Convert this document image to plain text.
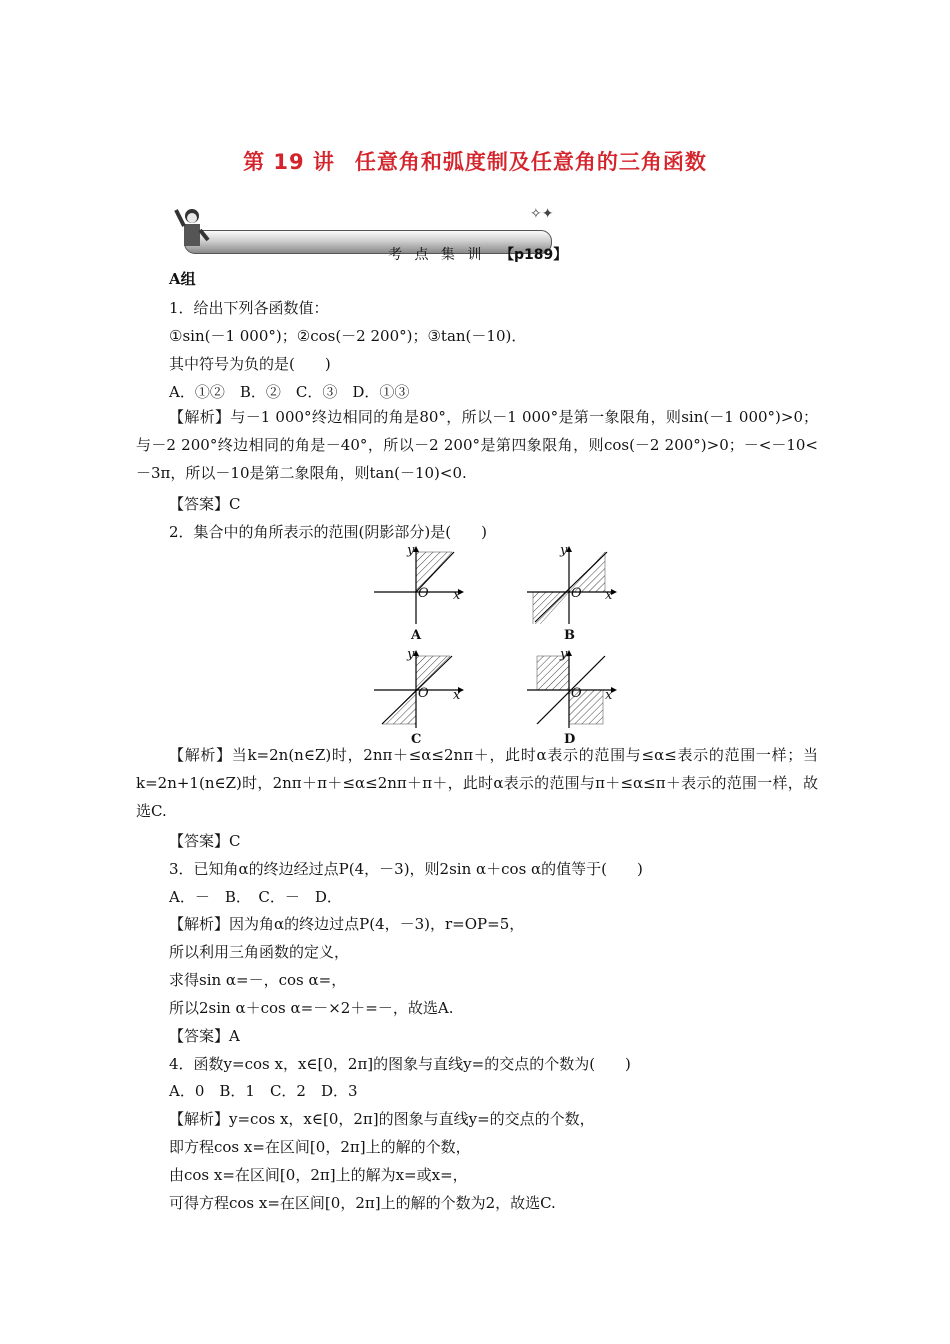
第 19 讲 任意角和弧度制及任意角的三角函数
✧✦
考 点 集 训 【p189】
A组
1．给出下列各函数值：
①sin(－1 000°)；②cos(－2 200°)；③tan(－10)．
其中符号为负的是(　　)
A．①②　B．②　C．③　D．①③
【解析】与－1 000°终边相同的角是80°，所以－1 000°是第一象限角，则sin(－1 000°)>0；与－2 200°终边相同的角是－40°，所以－2 200°是第四象限角，则cos(－2 200°)>0；－<－10<－3π，所以－10是第二象限角，则tan(－10)<0.
【答案】C
2．集合中的角所表示的范围(阴影部分)是(　　)
y
x
O
A
y
x
O
B
y
x
O
C
y
x
O
D
【解析】当k=2n(n∈Z)时，2nπ＋≤α≤2nπ＋，此时α表示的范围与≤α≤表示的范围一样；当k=2n+1(n∈Z)时，2nπ＋π＋≤α≤2nπ＋π＋，此时α表示的范围与π＋≤α≤π＋表示的范围一样，故选C.
【答案】C
3．已知角α的终边经过点P(4，－3)，则2sin α＋cos α的值等于(　　)
A．－　B．　C．－　D．
【解析】因为角α的终边过点P(4，－3)，r=OP=5，
所以利用三角函数的定义，
求得sin α=－，cos α=，
所以2sin α＋cos α=－×2＋=－，故选A.
【答案】A
4．函数y=cos x，x∈[0，2π]的图象与直线y=的交点的个数为(　　)
A．0　B．1　C．2　D．3
【解析】y=cos x，x∈[0，2π]的图象与直线y=的交点的个数，
即方程cos x=在区间[0，2π]上的解的个数，
由cos x=在区间[0，2π]上的解为x=或x=，
可得方程cos x=在区间[0，2π]上的解的个数为2，故选C.
